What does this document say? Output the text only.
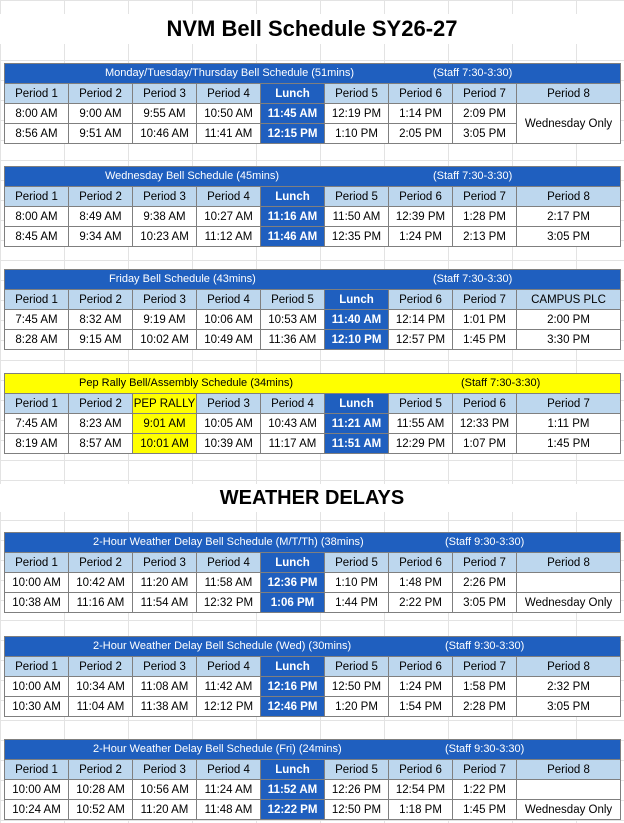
NVM Bell Schedule SY26-27
WEATHER DELAYS
Monday/Tuesday/Thursday Bell Schedule (51mins) (Staff 7:30-3:30)								

Period 1	Period 2	Period 3	Period 4	Lunch	Period 5	Period 6	Period 7	Period 8
8:00 AM	9:00 AM	9:55 AM	10:50 AM	11:45 AM	12:19 PM	1:14 PM	2:09 PM	Wednesday Only
8:56 AM	9:51 AM	10:46 AM	11:41 AM	12:15 PM	1:10 PM	2:05 PM	3:05 PM	
Wednesday Bell Schedule (45mins) (Staff 7:30-3:30)								

Period 1	Period 2	Period 3	Period 4	Lunch	Period 5	Period 6	Period 7	Period 8
8:00 AM	8:49 AM	9:38 AM	10:27 AM	11:16 AM	11:50 AM	12:39 PM	1:28 PM	2:17 PM
8:45 AM	9:34 AM	10:23 AM	11:12 AM	11:46 AM	12:35 PM	1:24 PM	2:13 PM	3:05 PM
Friday Bell Schedule (43mins) (Staff 7:30-3:30)								

Period 1	Period 2	Period 3	Period 4	Period 5	Lunch	Period 6	Period 7	CAMPUS PLC
7:45 AM	8:32 AM	9:19 AM	10:06 AM	10:53 AM	11:40 AM	12:14 PM	1:01 PM	2:00 PM
8:28 AM	9:15 AM	10:02 AM	10:49 AM	11:36 AM	12:10 PM	12:57 PM	1:45 PM	3:30 PM
Pep Rally Bell/Assembly Schedule (34mins) (Staff 7:30-3:30)								

Period 1	Period 2	PEP RALLY	Period 3	Period 4	Lunch	Period 5	Period 6	Period 7
7:45 AM	8:23 AM	9:01 AM	10:05 AM	10:43 AM	11:21 AM	11:55 AM	12:33 PM	1:11 PM
8:19 AM	8:57 AM	10:01 AM	10:39 AM	11:17 AM	11:51 AM	12:29 PM	1:07 PM	1:45 PM
2-Hour Weather Delay Bell Schedule (M/T/Th) (38mins) (Staff 9:30-3:30)								

Period 1	Period 2	Period 3	Period 4	Lunch	Period 5	Period 6	Period 7	Period 8
10:00 AM	10:42 AM	11:20 AM	11:58 AM	12:36 PM	1:10 PM	1:48 PM	2:26 PM	
10:38 AM	11:16 AM	11:54 AM	12:32 PM	1:06 PM	1:44 PM	2:22 PM	3:05 PM	Wednesday Only
2-Hour Weather Delay Bell Schedule (Wed) (30mins) (Staff 9:30-3:30)								

Period 1	Period 2	Period 3	Period 4	Lunch	Period 5	Period 6	Period 7	Period 8
10:00 AM	10:34 AM	11:08 AM	11:42 AM	12:16 PM	12:50 PM	1:24 PM	1:58 PM	2:32 PM
10:30 AM	11:04 AM	11:38 AM	12:12 PM	12:46 PM	1:20 PM	1:54 PM	2:28 PM	3:05 PM
2-Hour Weather Delay Bell Schedule (Fri) (24mins) (Staff 9:30-3:30)								

Period 1	Period 2	Period 3	Period 4	Lunch	Period 5	Period 6	Period 7	Period 8
10:00 AM	10:28 AM	10:56 AM	11:24 AM	11:52 AM	12:26 PM	12:54 PM	1:22 PM	
10:24 AM	10:52 AM	11:20 AM	11:48 AM	12:22 PM	12:50 PM	1:18 PM	1:45 PM	Wednesday Only
